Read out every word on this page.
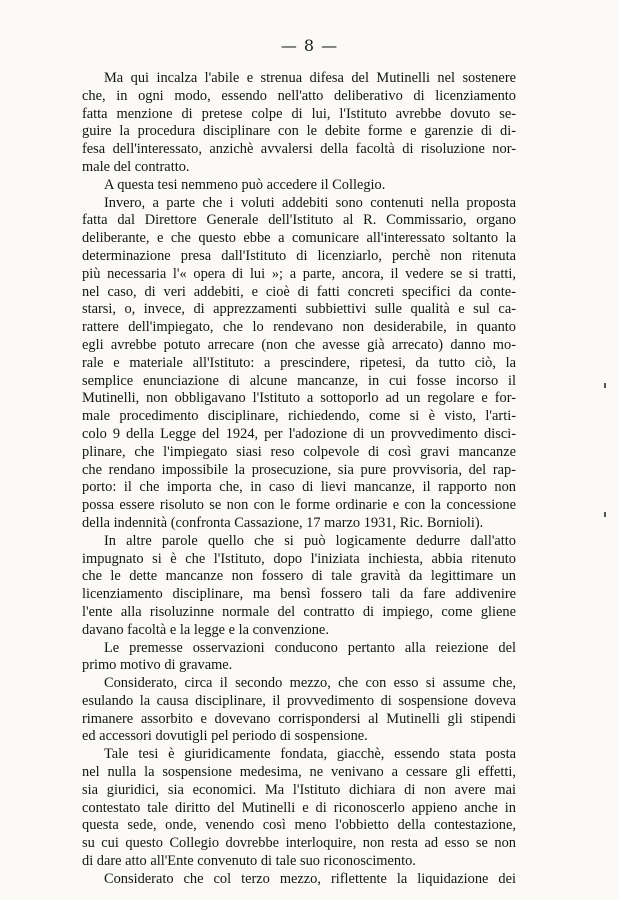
— 8 —
Ma qui incalza l'abile e strenua difesa del Mutinelli nel sostenere
che, in ogni modo, essendo nell'atto deliberativo di licenziamento
fatta menzione di pretese colpe di lui, l'Istituto avrebbe dovuto se-
guire la procedura disciplinare con le debite forme e garenzie di di-
fesa dell'interessato, anzichè avvalersi della facoltà di risoluzione nor-
male del contratto.
A questa tesi nemmeno può accedere il Collegio.
Invero, a parte che i voluti addebiti sono contenuti nella proposta
fatta dal Direttore Generale dell'Istituto al R. Commissario, organo
deliberante, e che questo ebbe a comunicare all'interessato soltanto la
determinazione presa dall'Istituto di licenziarlo, perchè non ritenuta
più necessaria l'« opera di lui »; a parte, ancora, il vedere se si tratti,
nel caso, di veri addebiti, e cioè di fatti concreti specifici da conte-
starsi, o, invece, di apprezzamenti subbiettivi sulle qualità e sul ca-
rattere dell'impiegato, che lo rendevano non desiderabile, in quanto
egli avrebbe potuto arrecare (non che avesse già arrecato) danno mo-
rale e materiale all'Istituto: a prescindere, ripetesi, da tutto ciò, la
semplice enunciazione di alcune mancanze, in cui fosse incorso il
Mutinelli, non obbligavano l'Istituto a sottoporlo ad un regolare e for-
male procedimento disciplinare, richiedendo, come si è visto, l'arti-
colo 9 della Legge del 1924, per l'adozione di un provvedimento disci-
plinare, che l'impiegato siasi reso colpevole di così gravi mancanze
che rendano impossibile la prosecuzione, sia pure provvisoria, del rap-
porto: il che importa che, in caso di lievi mancanze, il rapporto non
possa essere risoluto se non con le forme ordinarie e con la concessione
della indennità (confronta Cassazione, 17 marzo 1931, Ric. Bornioli).
In altre parole quello che si può logicamente dedurre dall'atto
impugnato si è che l'Istituto, dopo l'iniziata inchiesta, abbia ritenuto
che le dette mancanze non fossero di tale gravità da legittimare un
licenziamento disciplinare, ma bensì fossero tali da fare addivenire
l'ente alla risoluzinne normale del contratto di impiego, come gliene
davano facoltà e la legge e la convenzione.
Le premesse osservazioni conducono pertanto alla reiezione del
primo motivo di gravame.
Considerato, circa il secondo mezzo, che con esso si assume che,
esulando la causa disciplinare, il provvedimento di sospensione doveva
rimanere assorbito e dovevano corrispondersi al Mutinelli gli stipendi
ed accessori dovutigli pel periodo di sospensione.
Tale tesi è giuridicamente fondata, giacchè, essendo stata posta
nel nulla la sospensione medesima, ne venivano a cessare gli effetti,
sia giuridici, sia economici. Ma l'Istituto dichiara di non avere mai
contestato tale diritto del Mutinelli e di riconoscerlo appieno anche in
questa sede, onde, venendo così meno l'obbietto della contestazione,
su cui questo Collegio dovrebbe interloquire, non resta ad esso se non
di dare atto all'Ente convenuto di tale suo riconoscimento.
Considerato che col terzo mezzo, riflettente la liquidazione dei
